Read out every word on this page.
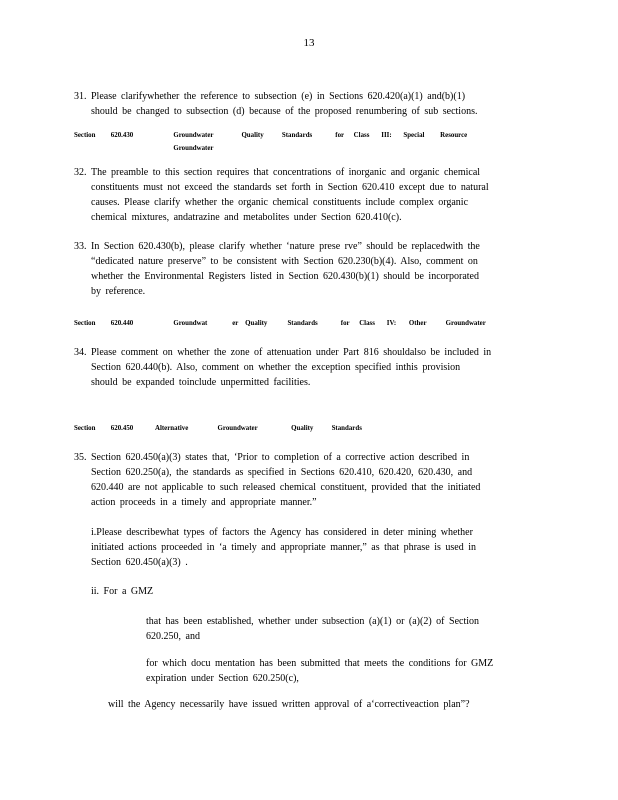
13
31. Please clarifywhether the reference to subsection (e) in Sections 620.420(a)(1) and(b)(1)
should be changed to subsection (d) because of the proposed renumbering of sub sections.
Section 620.430	Groundwater	Quality Standards	for Class III: Special Resource
Groundwater
32. The preamble to this section requires that concentrations of inorganic and organic chemical
constituents must not exceed the standards set forth in Section 620.410 except due to natural
causes. Please clarify whether the organic chemical constituents include complex organic
chemical mixtures, andatrazine and metabolites under Section 620.410(c).
33. In Section 620.430(b), please clarify whether ‘nature prese rve” should be replacedwith the
“dedicated nature preserve” to be consistent with Section 620.230(b)(4). Also, comment on
whether the Environmental Registers listed in Section 620.430(b)(1) should be incorporated
by reference.
Section 620.440	Groundwat	er Quality	Standards	for Class IV: Other	Groundwater
34. Please comment on whether the zone of attenuation under Part 816 shouldalso be included in
Section 620.440(b). Also, comment on whether the exception specified inthis provision
should be expanded toinclude unpermitted facilities.
Section 620.450	Alternative	Groundwater	Quality Standards
35. Section 620.450(a)(3) states that, ‘Prior to completion of a corrective action described in
Section 620.250(a), the standards as specified in Sections 620.410, 620.420, 620.430, and
620.440 are not applicable to such released chemical constituent, provided that the initiated
action proceeds in a timely and appropriate manner.”
i.Please describewhat types of factors the Agency has considered in deter mining whether
initiated actions proceeded in ‘a timely and appropriate manner,” as that phrase is used in
Section 620.450(a)(3) .
ii. For a GMZ
that has been established, whether under subsection (a)(1) or (a)(2) of Section
620.250, and
for which docu mentation has been submitted that meets the conditions for GMZ
expiration under Section 620.250(c),
will the Agency necessarily have issued written approval of a‘correctiveaction plan”?
